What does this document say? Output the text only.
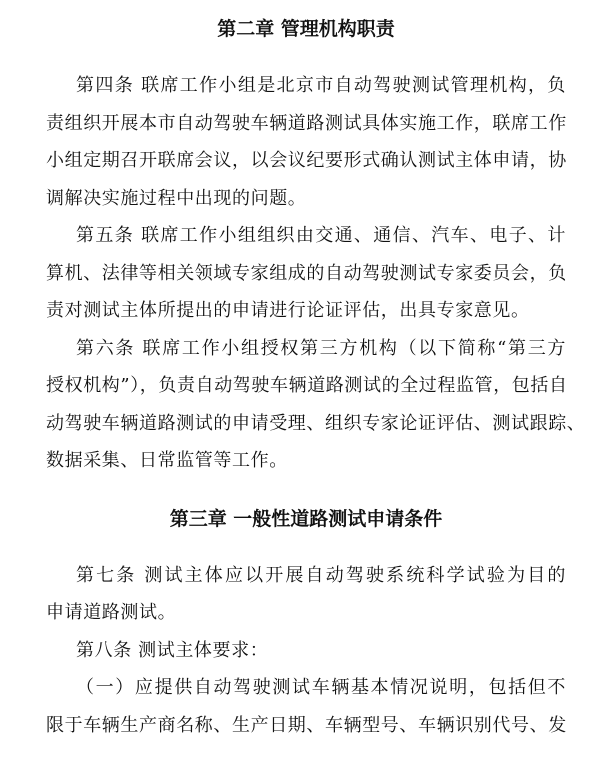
第二章 管理机构职责

第四条 联席工作小组是北京市自动驾驶测试管理机构，负
责组织开展本市自动驾驶车辆道路测试具体实施工作，联席工作
小组定期召开联席会议，以会议纪要形式确认测试主体申请，协
调解决实施过程中出现的问题。

第五条 联席工作小组组织由交通、通信、汽车、电子、计
算机、法律等相关领域专家组成的自动驾驶测试专家委员会，负
责对测试主体所提出的申请进行论证评估，出具专家意见。

第六条 联席工作小组授权第三方机构（以下简称“第三方
授权机构”），负责自动驾驶车辆道路测试的全过程监管，包括自
动驾驶车辆道路测试的申请受理、组织专家论证评估、测试跟踪、
数据采集、日常监管等工作。

第三章 一般性道路测试申请条件

第七条 测试主体应以开展自动驾驶系统科学试验为目的
申请道路测试。

第八条 测试主体要求：

（一）应提供自动驾驶测试车辆基本情况说明，包括但不
限于车辆生产商名称、生产日期、车辆型号、车辆识别代号、发
